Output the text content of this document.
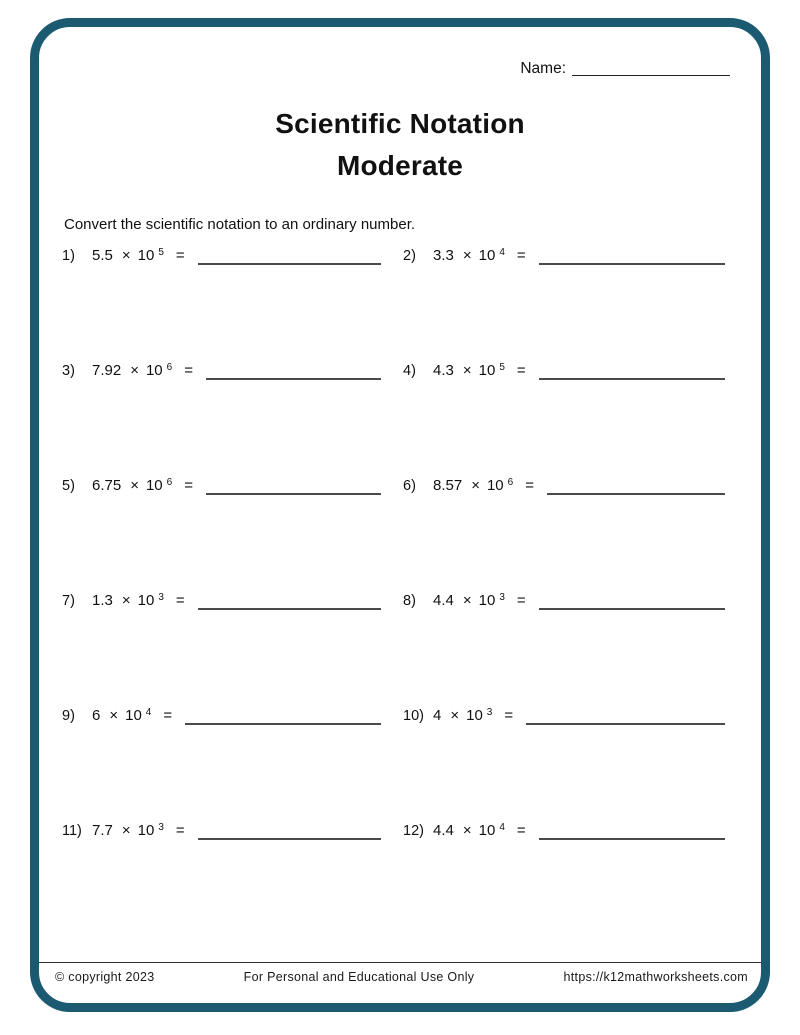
Name:
Scientific Notation
Moderate
Convert the scientific notation to an ordinary number.
1)	5.5 × 10 5 =	2)	3.3 × 10 4 =
3)	7.92 × 10 6 =	4)	4.3 × 10 5 =
5)	6.75 × 10 6 =	6)	8.57 × 10 6 =
7)	1.3 × 10 3 =	8)	4.4 × 10 3 =
9)	6 × 10 4 =	10) 4 × 10 3 =
11) 7.7 × 10 3 =	12) 4.4 × 10 4 =
© copyright 2023	For Personal and Educational Use Only	https://k12mathworksheets.com
